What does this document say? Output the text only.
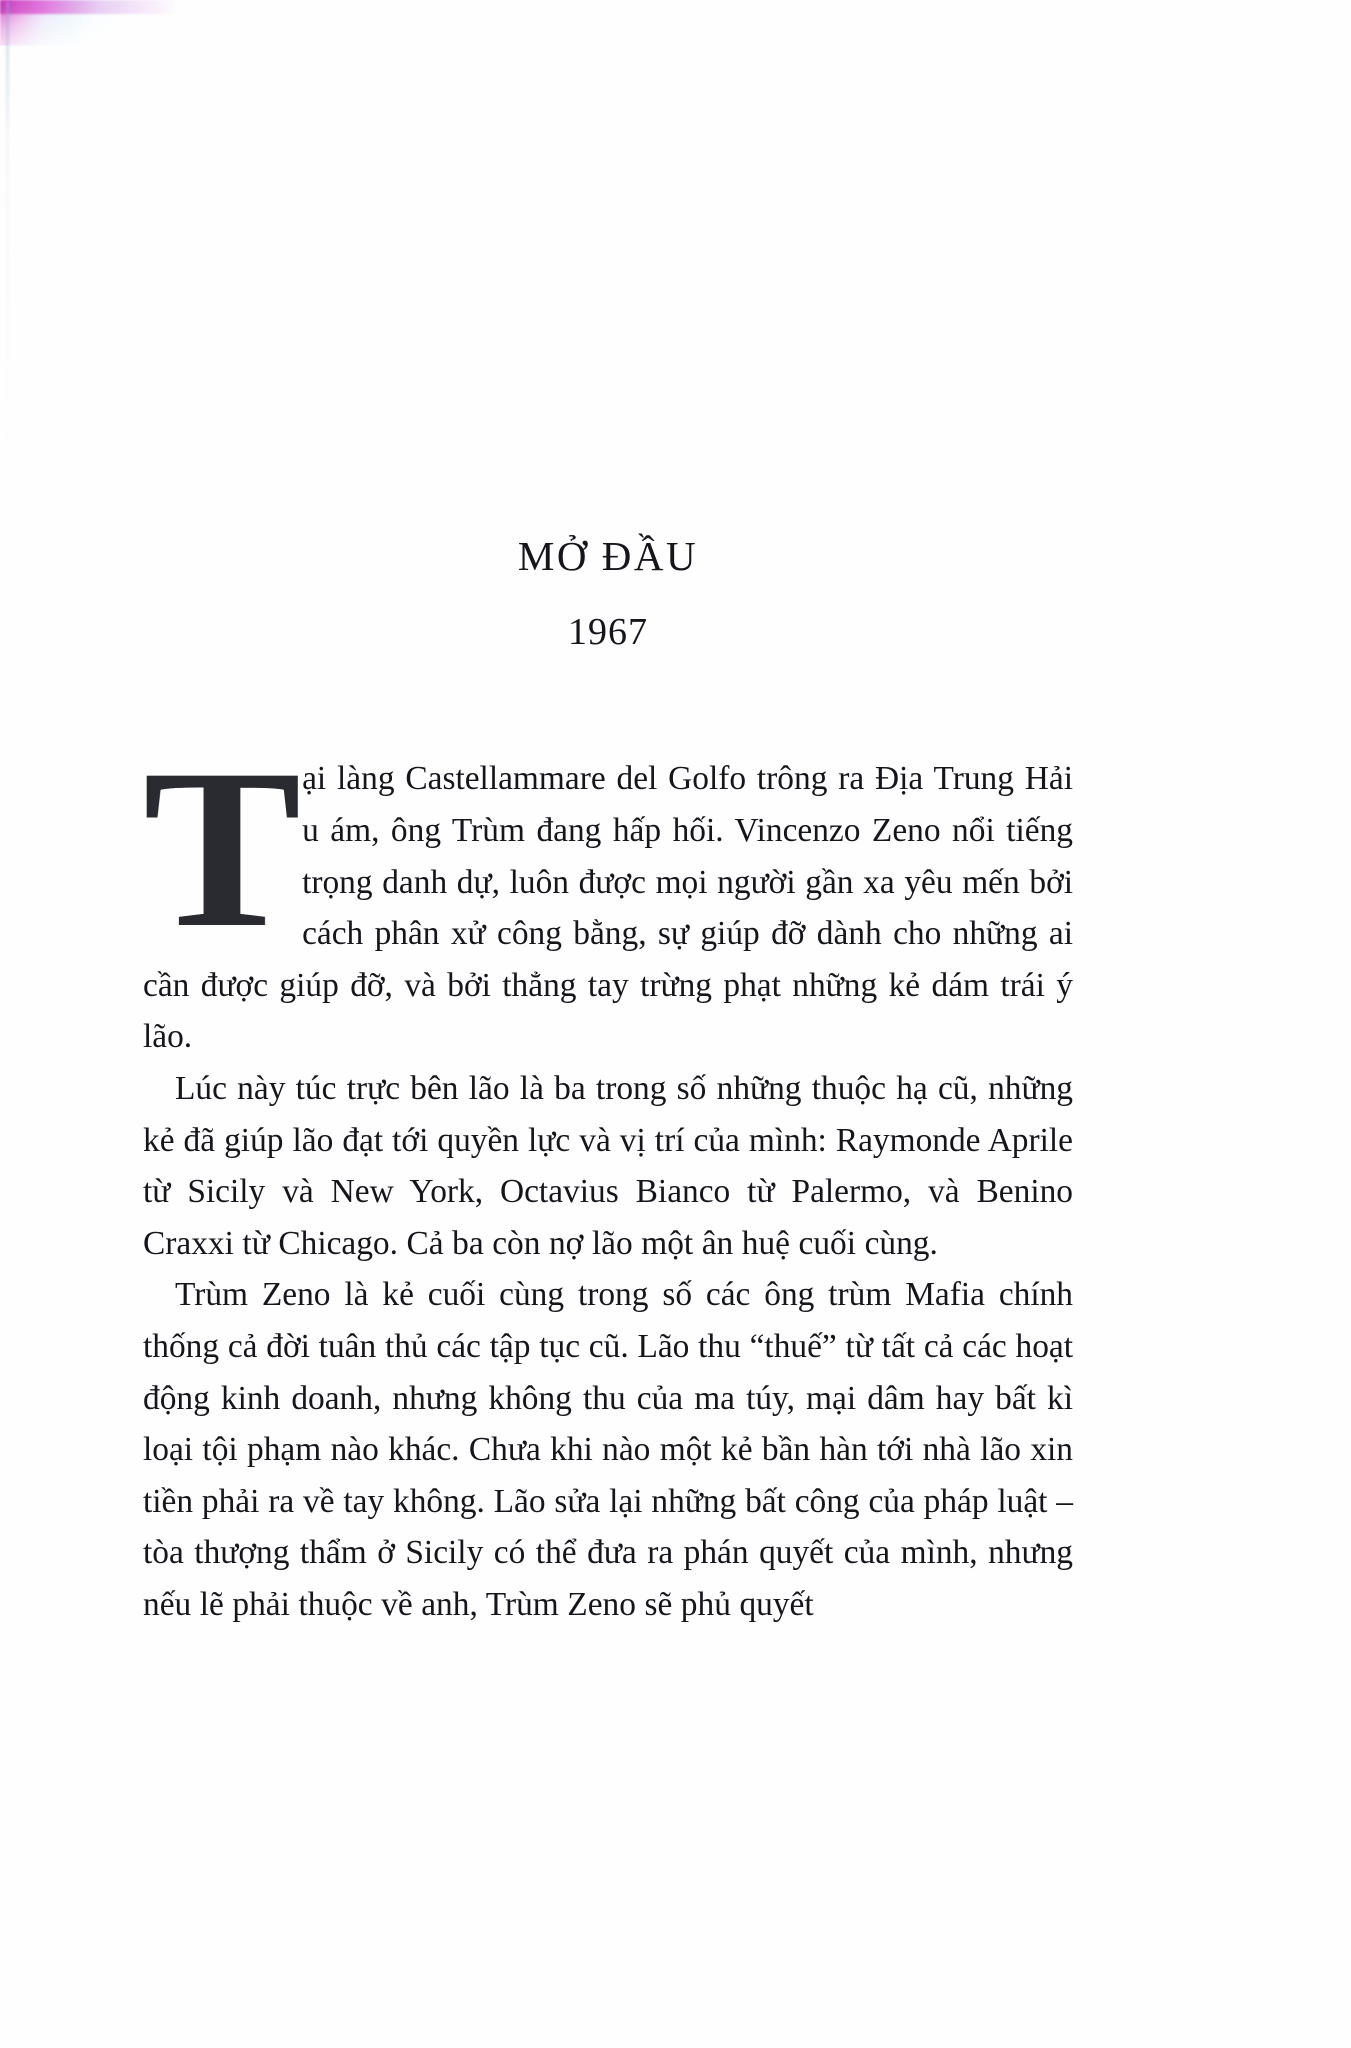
MỞ ĐẦU
1967

Tại làng Castellammare del Golfo trông ra Địa Trung Hải u ám, ông Trùm đang hấp hối. Vincenzo Zeno nổi tiếng trọng danh dự, luôn được mọi người gần xa yêu mến bởi cách phân xử công bằng, sự giúp đỡ dành cho những ai cần được giúp đỡ, và bởi thẳng tay trừng phạt những kẻ dám trái ý lão.

Lúc này túc trực bên lão là ba trong số những thuộc hạ cũ, những kẻ đã giúp lão đạt tới quyền lực và vị trí của mình: Raymonde Aprile từ Sicily và New York, Octavius Bianco từ Palermo, và Benino Craxxi từ Chicago. Cả ba còn nợ lão một ân huệ cuối cùng.

Trùm Zeno là kẻ cuối cùng trong số các ông trùm Mafia chính thống cả đời tuân thủ các tập tục cũ. Lão thu “thuế” từ tất cả các hoạt động kinh doanh, nhưng không thu của ma túy, mại dâm hay bất kì loại tội phạm nào khác. Chưa khi nào một kẻ bần hàn tới nhà lão xin tiền phải ra về tay không. Lão sửa lại những bất công của pháp luật – tòa thượng thẩm ở Sicily có thể đưa ra phán quyết của mình, nhưng nếu lẽ phải thuộc về anh, Trùm Zeno sẽ phủ quyết
